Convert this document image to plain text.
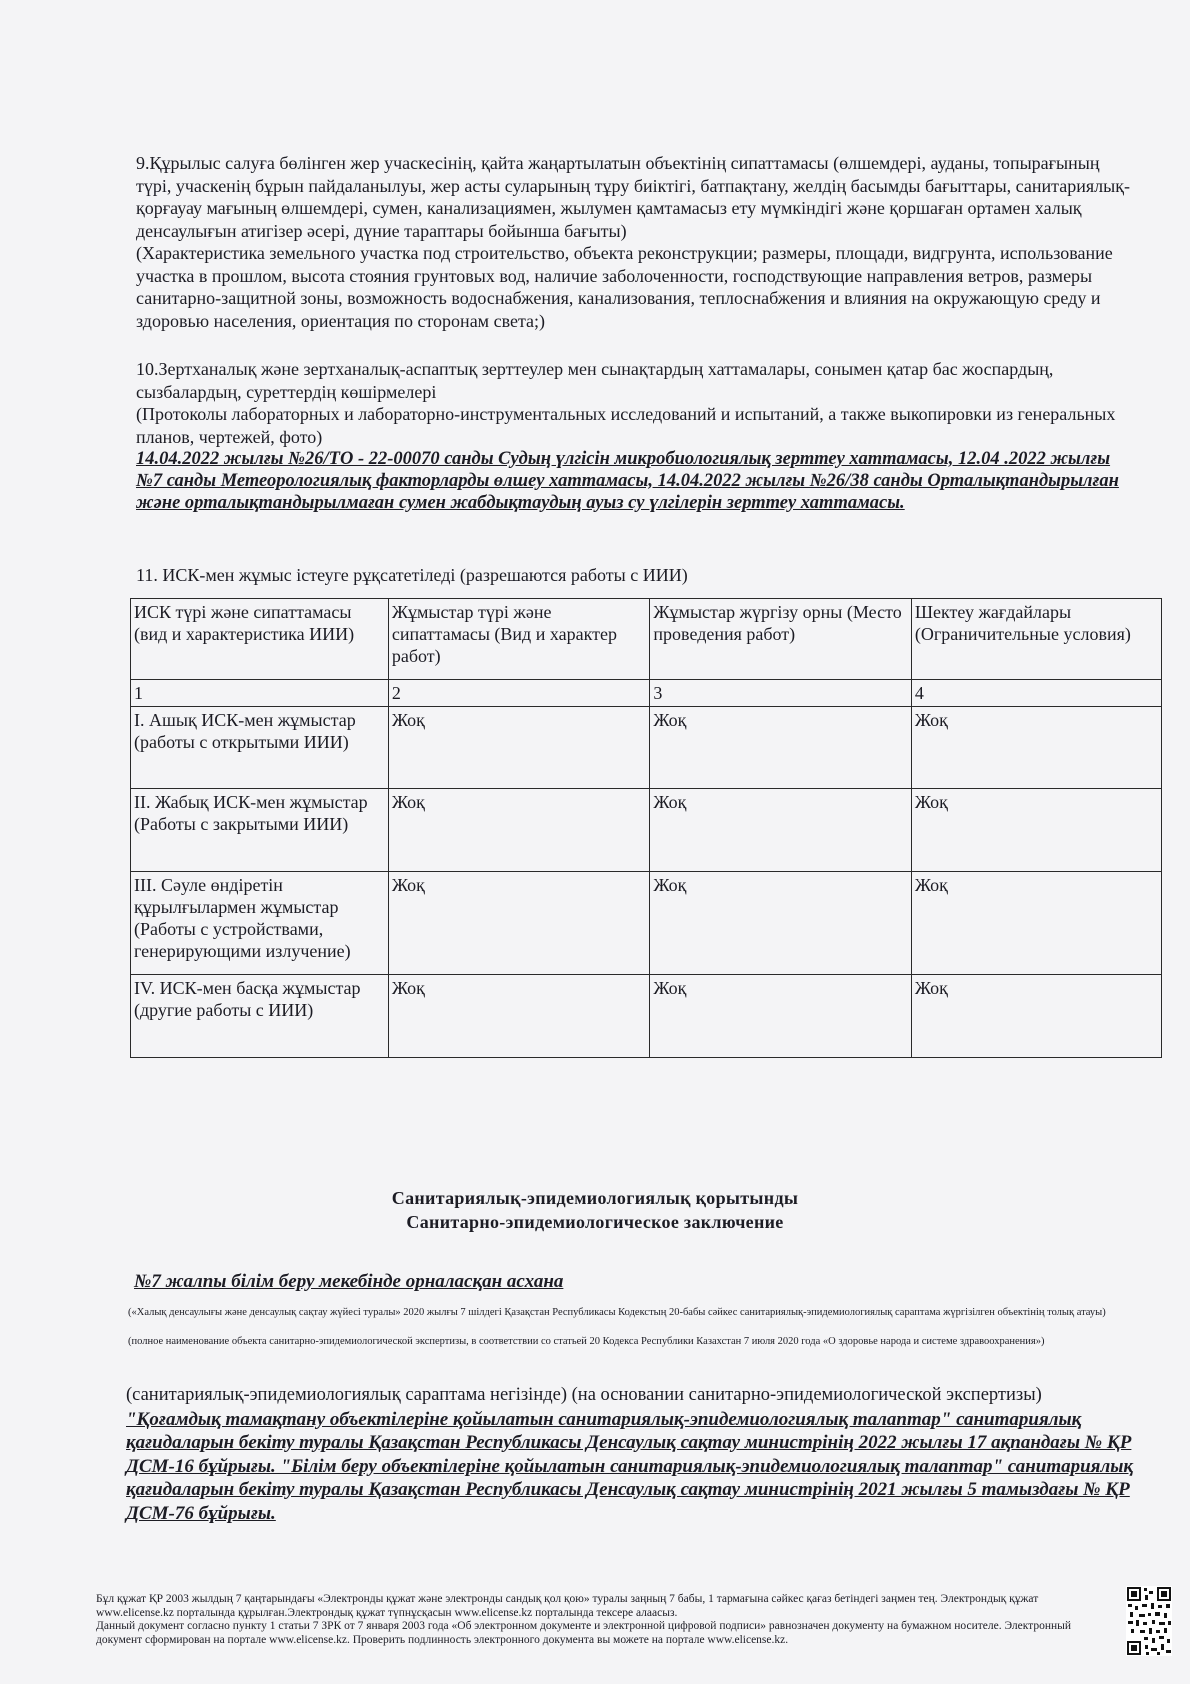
9.Құрылыс салуға бөлінген жер учаскесінің, қайта жаңартылатын объектінің сипаттамасы (өлшемдері, ауданы, топырағының түрі, учаскенің бұрын пайдаланылуы, жер асты суларының тұру биіктігі, батпақтану, желдің басымды бағыттары, санитариялық-қорғауау мағының өлшемдері, сумен, канализациямен, жылумен қамтамасыз ету мүмкіндігі және қоршаған ортамен халық денсаулығын атигізер әсері, дүние тараптары бойынша бағыты)
(Характеристика земельного участка под строительство, объекта реконструкции; размеры, площади, видгрунта, использование участка в прошлом, высота стояния грунтовых вод, наличие заболоченности, господствующие направления ветров, размеры санитарно-защитной зоны, возможность водоснабжения, канализования, теплоснабжения и влияния на окружающую среду и здоровью населения, ориентация по сторонам света;)
10.Зертханалық және зертханалық-аспаптық зерттеулер мен сынақтардың хаттамалары, сонымен қатар бас жоспардың, сызбалардың, суреттердің көшірмелері
(Протоколы лабораторных и лабораторно-инструментальных исследований и испытаний, а также выкопировки из генеральных планов, чертежей, фото)
14.04.2022 жылғы №26/ТО - 22-00070 санды Судың үлгісін микробиологиялық зерттеу хаттамасы, 12.04 .2022 жылғы №7 санды Метеорологиялық факторларды өлшеу хаттамасы, 14.04.2022 жылғы №26/38 санды Орталықтандырылған және орталықтандырылмаған сумен жабдықтаудың ауыз су үлгілерін зерттеу хаттамасы.
11. ИСК-мен жұмыс істеуге рұқсатетіледі (разрешаются работы с ИИИ)
ИСК түрі және сипаттамасы (вид и характеристика ИИИ)	Жұмыстар түрі және сипаттамасы (Вид и характер работ)	Жұмыстар жүргізу орны (Место проведения работ)	Шектеу жағдайлары (Ограничительные условия)
1	2	3	4
I. Ашық ИСК-мен жұмыстар (работы с открытыми ИИИ)	Жоқ	Жоқ	Жоқ
II. Жабық ИСК-мен жұмыстар (Работы с закрытыми ИИИ)	Жоқ	Жоқ	Жоқ
III. Сәуле өндіретін құрылғылармен жұмыстар (Работы с устройствами, генерирующими излучение)	Жоқ	Жоқ	Жоқ
IV. ИСК-мен басқа жұмыстар (другие работы с ИИИ)	Жоқ	Жоқ	Жоқ
Санитариялық-эпидемиологиялық қорытынды
Санитарно-эпидемиологическое заключение
№7 жалпы білім беру мекебінде орналасқан асхана
(«Халық денсаулығы және денсаулық сақтау жүйесі туралы» 2020 жылғы 7 шілдегі Қазақстан Республикасы Кодекстың 20-бабы сәйкес санитариялық-эпидемиологиялық сараптама жүргізілген объектінің толық атауы)
(полное наименование объекта санитарно-эпидемиологической экспертизы, в соответствии со статьей 20 Кодекса Республики Казахстан 7 июля 2020 года «О здоровье народа и системе здравоохранения»)
(санитариялық-эпидемиологиялық сараптама негізінде) (на основании санитарно-эпидемиологической экспертизы)
"Қоғамдық тамақтану объектілеріне қойылатын санитариялық-эпидемиологиялық талаптар" санитариялық қағидаларын бекіту туралы Қазақстан Республикасы Денсаулық сақтау министрінің 2022 жылғы 17 ақпандағы № ҚР ДСМ-16 бұйрығы. "Білім беру объектілеріне қойылатын санитариялық-эпидемиологиялық талаптар" санитариялық қағидаларын бекіту туралы Қазақстан Республикасы Денсаулық сақтау министрінің 2021 жылғы 5 тамыздағы № ҚР ДСМ-76 бұйрығы.
Бұл құжат ҚР 2003 жылдың 7 қаңтарындағы «Электронды құжат және электронды сандық қол қою» туралы заңның 7 бабы, 1 тармағына сәйкес қағаз бетіндегі заңмен тең. Электрондық құжат www.elicense.kz порталында құрылған.Электрондық құжат түпнұсқасын www.elicense.kz порталында тексере алаасыз.
Данный документ согласно пункту 1 статьи 7 ЗРК от 7 января 2003 года «Об электронном документе и электронной цифровой подписи» равнозначен документу на бумажном носителе. Электронный документ сформирован на портале www.elicense.kz. Проверить подлинность электронного документа вы можете на портале www.elicense.kz.
